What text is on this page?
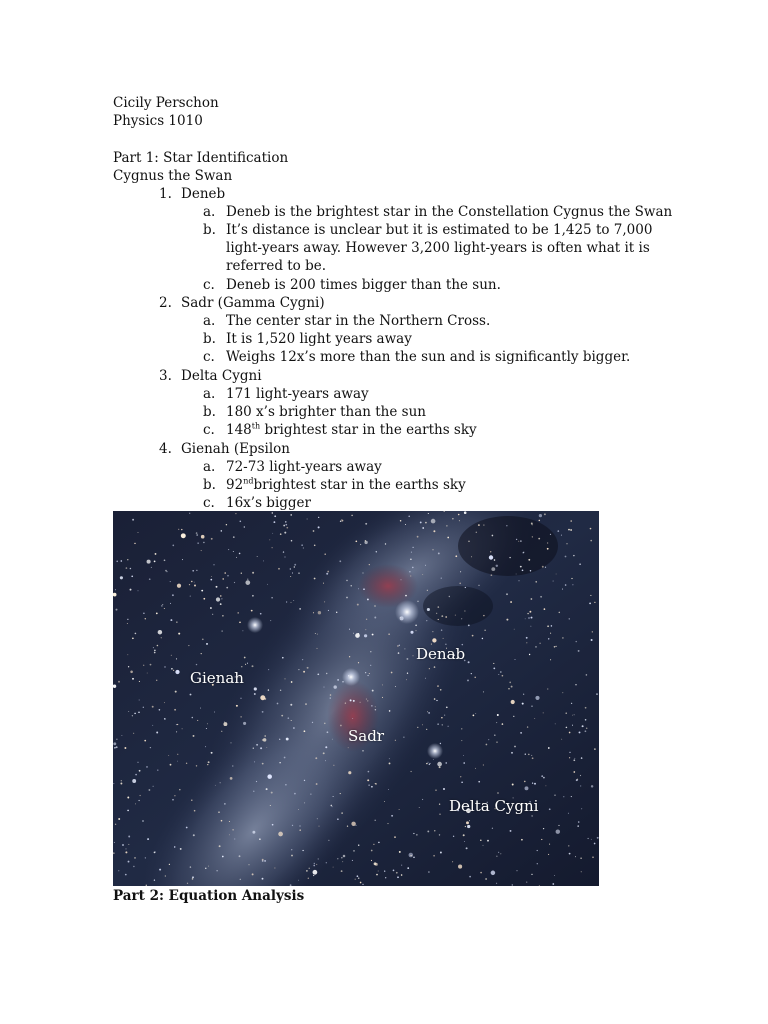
Cicily Perschon
Physics 1010
Part 1: Star Identification
Cygnus the Swan
1. Deneb
a. Deneb is the brightest star in the Constellation Cygnus the Swan
b. It’s distance is unclear but it is estimated to be 1,425 to 7,000
light-years away. However 3,200 light-years is often what it is
referred to be.
c. Deneb is 200 times bigger than the sun.
2. Sadr (Gamma Cygni)
a. The center star in the Northern Cross.
b. It is 1,520 light years away
c. Weighs 12x’s more than the sun and is significantly bigger.
3. Delta Cygni
a. 171 light-years away
b. 180 x’s brighter than the sun
c. 148th brightest star in the earths sky
4. Gienah (Epsilon
a. 72-73 light-years away
b. 92ndbrightest star in the earths sky
c. 16x’s bigger
Denab
Gienah
Sadr
Delta Cygni
Part 2: Equation Analysis
